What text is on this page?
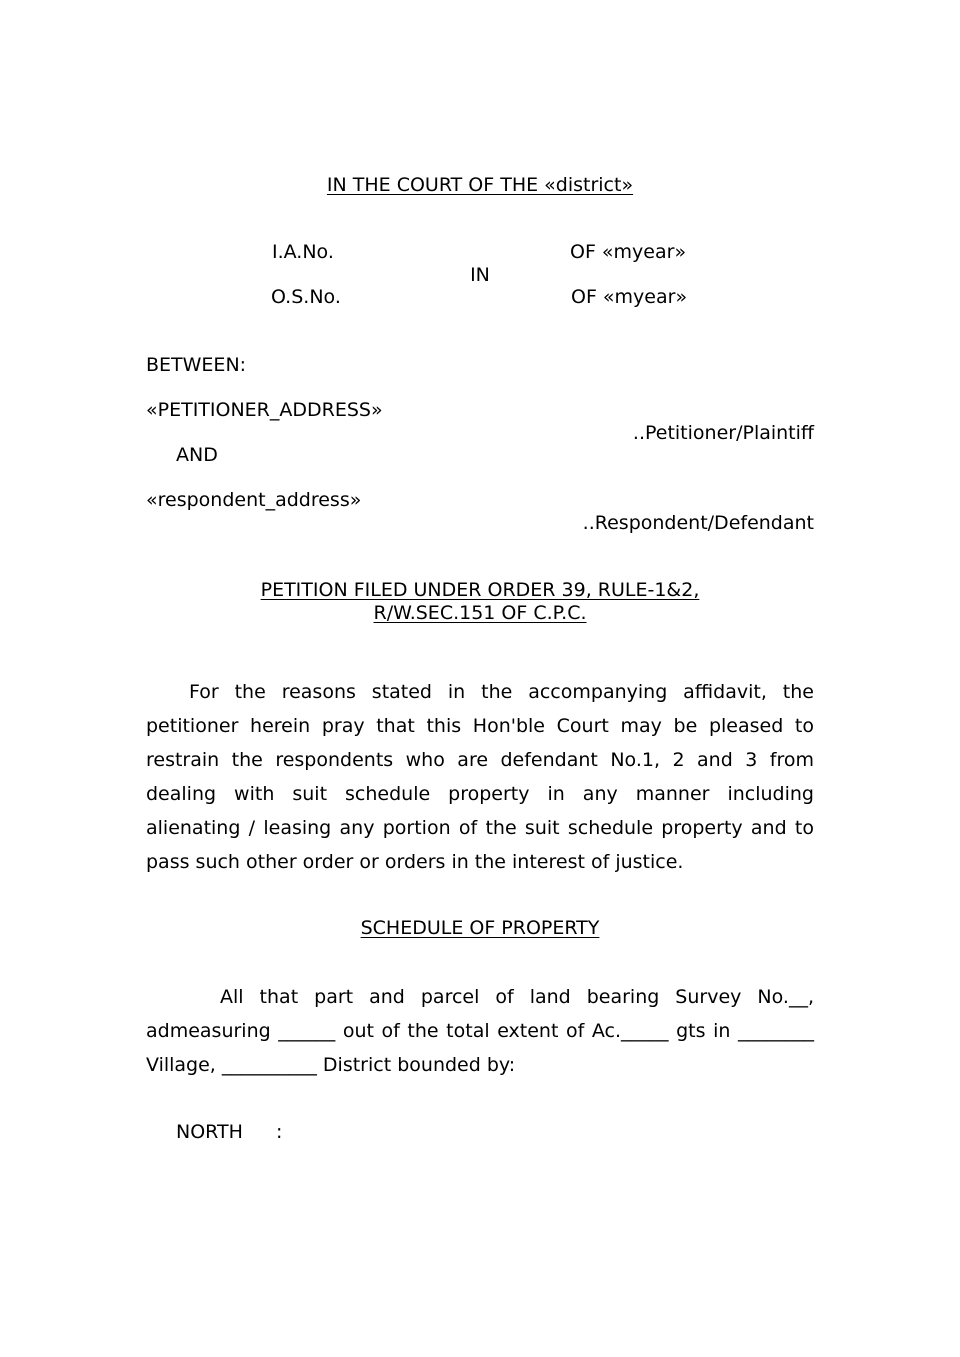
IN THE COURT OF THE «district»
I.A.No.	OF «myear»
IN
O.S.No.	OF «myear»
BETWEEN:
«PETITIONER_ADDRESS»
..Petitioner/Plaintiff
AND
«respondent_address»
..Respondent/Defendant
PETITION FILED UNDER ORDER 39, RULE-1&2,
R/W.SEC.151 OF C.P.C.

For the reasons stated in the accompanying affidavit, the petitioner herein pray that this Hon'ble Court may be pleased to restrain the respondents who are defendant No.1, 2 and 3 from dealing with suit schedule property in any manner including alienating / leasing any portion of the suit schedule property and to pass such other order or orders in the interest of justice.

SCHEDULE OF PROPERTY

All that part and parcel of land bearing Survey No.__, admeasuring ______ out of the total extent of Ac._____ gts in ________ Village, __________ District bounded by:

NORTH :
